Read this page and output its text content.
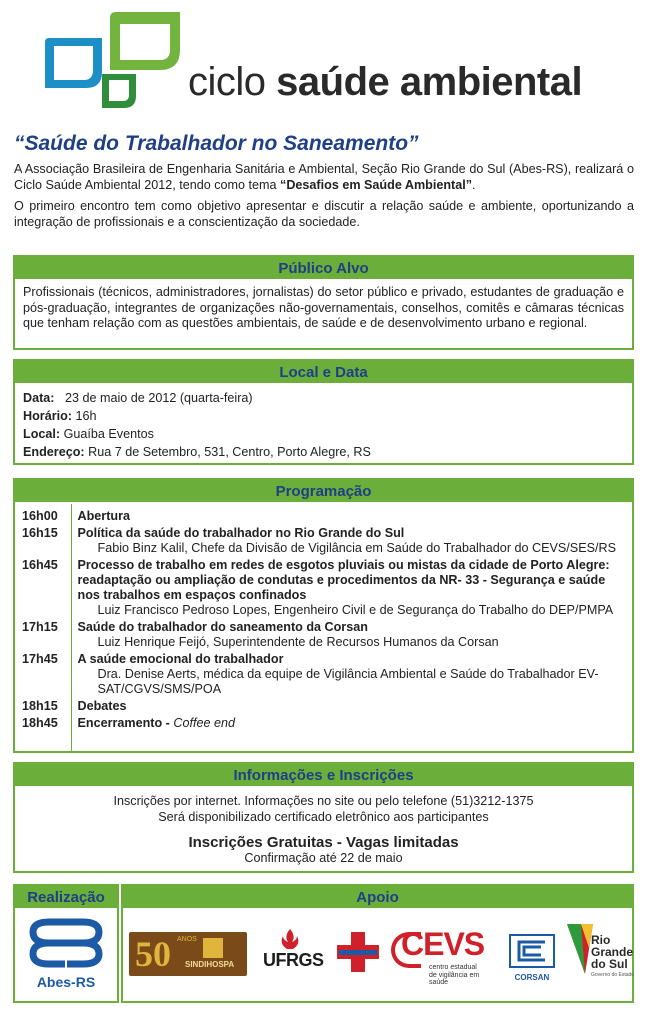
ciclo saúde ambiental
“Saúde do Trabalhador no Saneamento”

A Associação Brasileira de Engenharia Sanitária e Ambiental, Seção Rio Grande do Sul (Abes-RS), realizará o Ciclo Saúde Ambiental 2012, tendo como tema “Desafios em Saúde Ambiental”.

O primeiro encontro tem como objetivo apresentar e discutir a relação saúde e ambiente, oportunizando a integração de profissionais e a conscientização da sociedade.

Público Alvo
Profissionais (técnicos, administradores, jornalistas) do setor público e privado, estudantes de graduação e pós-graduação, integrantes de organizações não-governamentais, conselhos, comitês e câmaras técnicas que tenham relação com as questões ambientais, de saúde e de desenvolvimento urbano e regional.
Local e Data
Data:   23 de maio de 2012 (quarta-feira)
Horário: 16h
Local: Guaíba Eventos
Endereço: Rua 7 de Setembro, 531, Centro, Porto Alegre, RS
Programação

16h00	Abertura

16h15	Política da saúde do trabalhador no Rio Grande do Sul
Fabio Binz Kalil, Chefe da Divisão de Vigilância em Saúde do Trabalhador do CEVS/SES/RS

16h45	Processo de trabalho em redes de esgotos pluviais ou mistas da cidade de Porto Alegre: readaptação ou ampliação de condutas e procedimentos da NR- 33 - Segurança e saúde nos trabalhos em espaços confinados
Luiz Francisco Pedroso Lopes, Engenheiro Civil e de Segurança do Trabalho do DEP/PMPA

17h15	Saúde do trabalhador do saneamento da Corsan
Luiz Henrique Feijó, Superintendente de Recursos Humanos da Corsan

17h45	A saúde emocional do trabalhador
Dra. Denise Aerts, médica da equipe de Vigilância Ambiental e Saúde do Trabalhador EV-SAT/CGVS/SMS/POA

18h15	Debates

18h45	Encerramento - Coffee end

Informações e Inscrições
Inscrições por internet. Informações no site ou pelo telefone (51)3212-1375
Será disponibilizado certificado eletrônico aos participantes
Inscrições Gratuitas - Vagas limitadas
Confirmação até 22 de maio
Realização
Abes-RS
Apoio
50 ANOS
SINDIHOSPA UFRGS CEVS
centro estadual
de vigilância em saúde
CORSAN
Rio
Grande
do Sul
Governo do Estado
